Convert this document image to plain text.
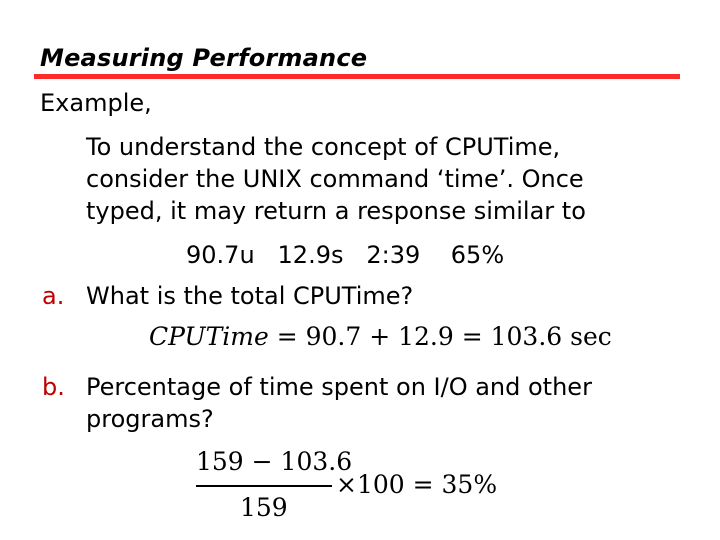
Measuring Performance
Example,
To understand the concept of CPUTime,
consider the UNIX command ‘time’. Once
typed, it may return a response similar to
90.7u   12.9s   2:39    65%
a. What is the total CPUTime?
CPUTime = 90.7 + 12.9 = 103.6 sec
b. Percentage of time spent on I/O and other
programs?
159 − 103.6
159
×100 = 35%
